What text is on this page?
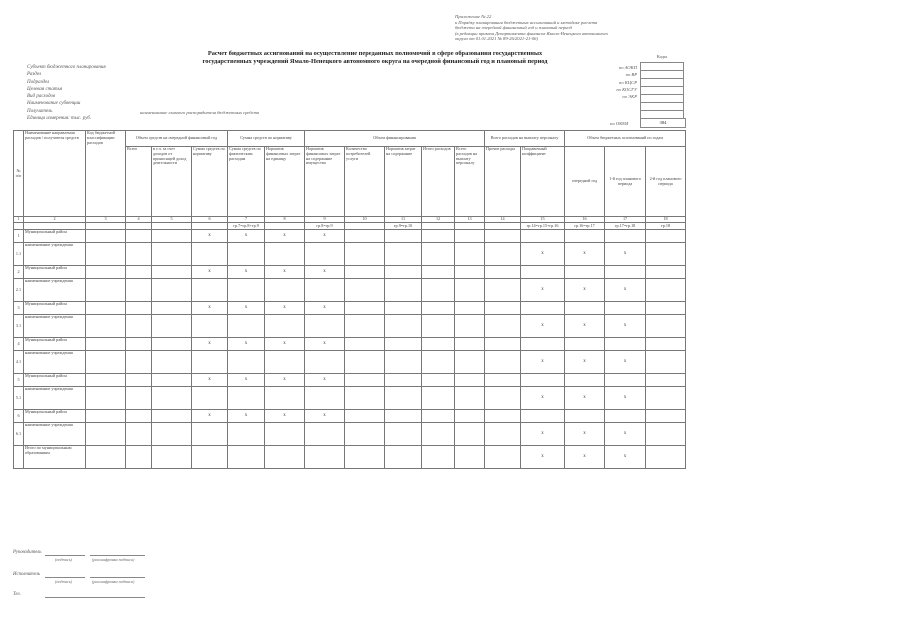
Приложение № 22
к Порядку планирования бюджетных ассигнований и методике расчета
бюджета на очередной финансовый год и плановый период
(в редакции приказа Департамента финансов Ямало-Ненецкого автономного
округа от 01.01.2021 № 89-26/2021-21-06)
Расчет бюджетных ассигнований на осуществление переданных полномочий в сфере образования государственных
государственных учреждений Ямало-Ненецкого автономного округа на очередной финансовый год и плановый период
Субъект бюджетного планирования
Раздел
Подраздел
Целевая статья
Вид расходов
Наименование субвенции
Получатель
Единица измерения: тыс. руб.
наименование главного распорядителя бюджетных средств
Коды
по АОКП
по ВР
по КЦСР
по КОСГУ
по ЭКР
по ОКЕИ	384
№ п/п	Наименование направления расходов / получателя средств	Код бюджетной классификации расходов	Объем средств на очередной финансовый год			Сумма средств по нормативу		Объем финансирования					Всего расходов на выплату персоналу		Объем бюджетных ассигнований по годам		
			Всего	в т.ч. за счет доходов от приносящей доход деятельности	Сумма средств по нормативу	Сумма средств по фактическим расходам	Норматив финансовых затрат на единицу	Норматив финансовых затрат на содержание имущества	Количество потребителей услуги	Норматив затрат на содержание	Итого расходов	Всего расходов на выплату персоналу	Прочие расходы	Поправочный коэффициент	очередной год	1-й год планового периода	2-й год планового периода
1	2	3	4	5	6	7	8	9	10	11	12	13	14	15	16	17	18
						гр.7=гр.8+гр.9		гр.8=гр.9		гр.9=гр.10				гр.14=гр.15+гр.16	гр.16=гр.17	гр.17=гр.18	гр.18
1	Муниципальный район				х	х	х	х									
1.1	наименование учреждения													х	х	х	
2	Муниципальный район				х	х	х	х									
2.1	наименование учреждения													х	х	х	
3	Муниципальный район				х	х	х	х									
3.1	наименование учреждения													х	х	х	
4	Муниципальный район				х	х	х	х									
4.1	наименование учреждения													х	х	х	
5	Муниципальный район				х	х	х	х									
5.1	наименование учреждения													х	х	х	
6	Муниципальный район				х	х	х	х									
6.1	наименование учреждения													х	х	х	
	Итого по муниципальным образованиям													х	х	х	
Руководитель
(подпись)	(расшифровка подписи)
Исполнитель
(подпись)	(расшифровка подписи)
Тел.
